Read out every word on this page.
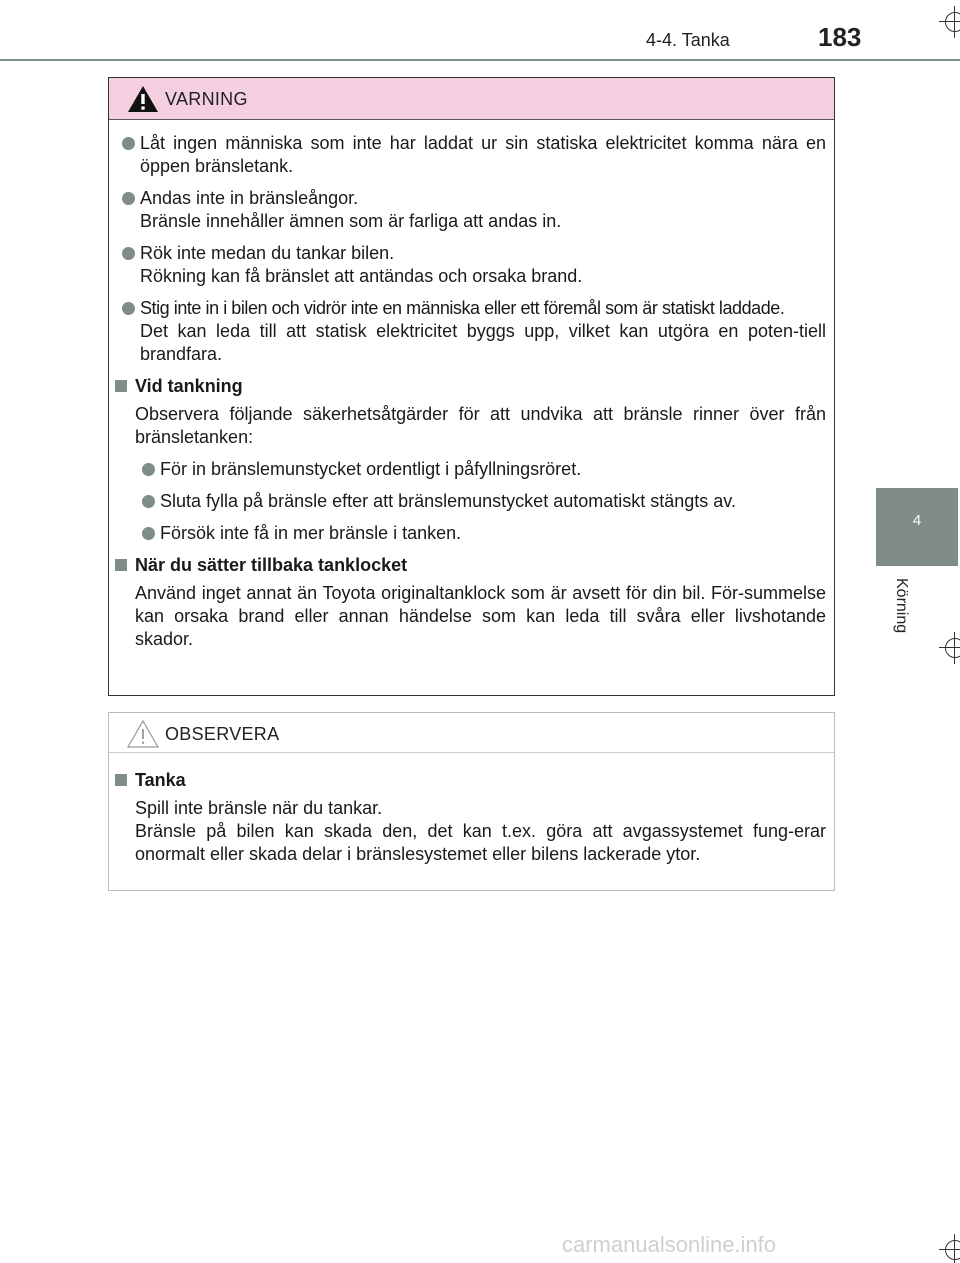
4-4. Tanka	183
4
Körning
VARNING

Låt ingen människa som inte har laddat ur sin statiska elektricitet komma nära en öppen bränsletank.

Andas inte in bränsleångor.

Bränsle innehåller ämnen som är farliga att andas in.

Rök inte medan du tankar bilen.

Rökning kan få bränslet att antändas och orsaka brand.

Stig inte in i bilen och vidrör inte en människa eller ett föremål som är statiskt laddade.

Det kan leda till att statisk elektricitet byggs upp, vilket kan utgöra en poten-tiell brandfara.

Vid tankning
Observera följande säkerhetsåtgärder för att undvika att bränsle rinner över från bränsletanken:

För in bränslemunstycket ordentligt i påfyllningsröret.

Sluta fylla på bränsle efter att bränslemunstycket automatiskt stängts av.

Försök inte få in mer bränsle i tanken.

När du sätter tillbaka tanklocket
Använd inget annat än Toyota originaltanklock som är avsett för din bil. För-summelse kan orsaka brand eller annan händelse som kan leda till svåra eller livshotande skador.
OBSERVERA
Tanka
Spill inte bränsle när du tankar.
Bränsle på bilen kan skada den, det kan t.ex. göra att avgassystemet fung-erar onormalt eller skada delar i bränslesystemet eller bilens lackerade ytor.
carmanualsonline.info
